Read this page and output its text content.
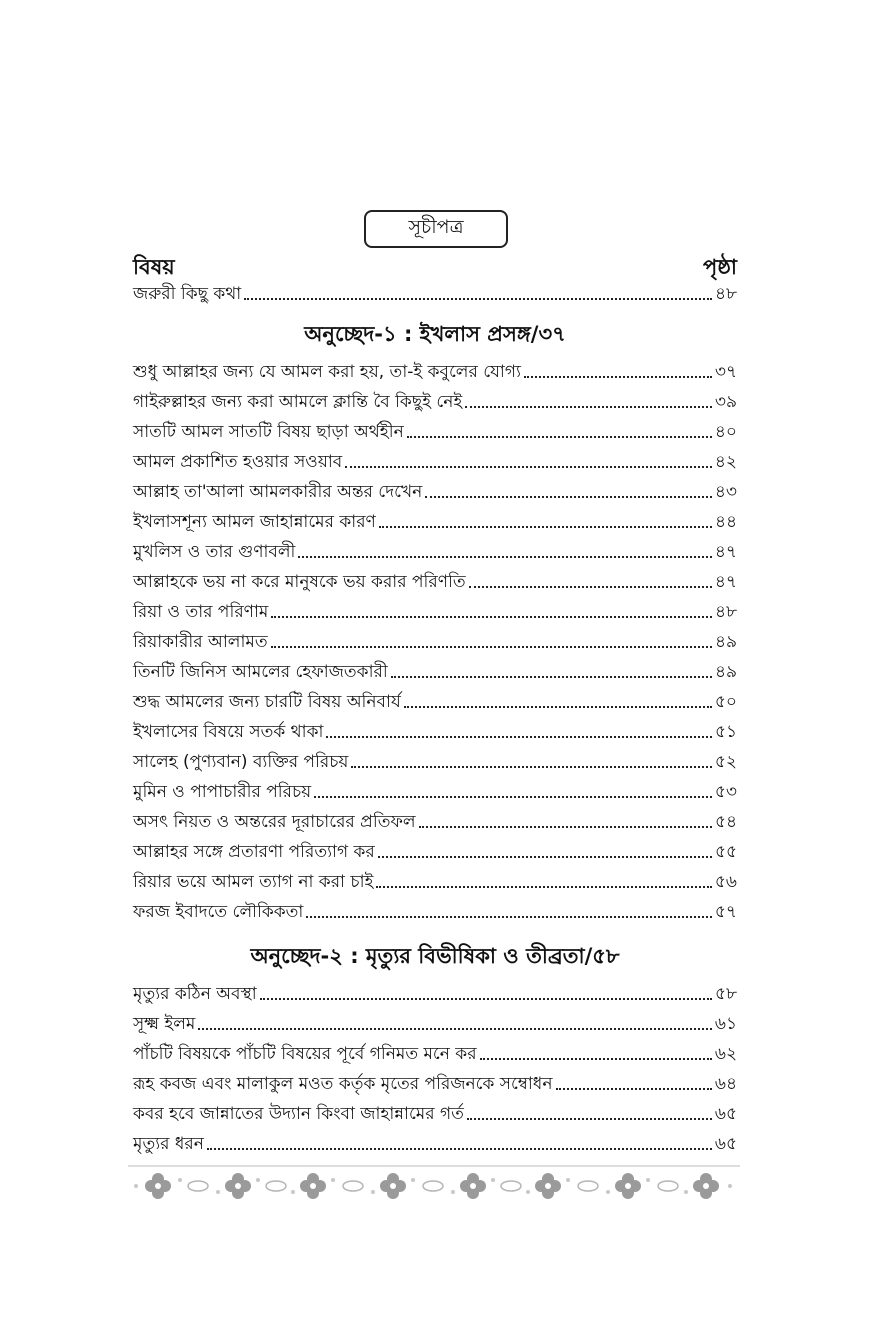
সূচীপত্র
বিষয়	পৃষ্ঠা
জরুরী কিছু কথা	৪৮
অনুচ্ছেদ-১ : ইখলাস প্রসঙ্গ/৩৭
শুধু আল্লাহর জন্য যে আমল করা হয়, তা-ই কবুলের যোগ্য	৩৭
গাইরুল্লাহর জন্য করা আমলে ক্লান্তি বৈ কিছুই নেই	৩৯
সাতটি আমল সাতটি বিষয় ছাড়া অর্থহীন	৪০
আমল প্রকাশিত হওয়ার সওয়াব	৪২
আল্লাহ তা'আলা আমলকারীর অন্তর দেখেন	৪৩
ইখলাসশূন্য আমল জাহান্নামের কারণ	৪৪
মুখলিস ও তার গুণাবলী	৪৭
আল্লাহকে ভয় না করে মানুষকে ভয় করার পরিণতি	৪৭
রিয়া ও তার পরিণাম	৪৮
রিয়াকারীর আলামত	৪৯
তিনটি জিনিস আমলের হেফাজতকারী	৪৯
শুদ্ধ আমলের জন্য চারটি বিষয় অনিবার্য	৫০
ইখলাসের বিষয়ে সতর্ক থাকা	৫১
সালেহ (পুণ্যবান) ব্যক্তির পরিচয়	৫২
মুমিন ও পাপাচারীর পরিচয়	৫৩
অসৎ নিয়ত ও অন্তরের দূরাচারের প্রতিফল	৫৪
আল্লাহর সঙ্গে প্রতারণা পরিত্যাগ কর	৫৫
রিয়ার ভয়ে আমল ত্যাগ না করা চাই	৫৬
ফরজ ইবাদতে লৌকিকতা	৫৭
অনুচ্ছেদ-২ : মৃত্যুর বিভীষিকা ও তীব্রতা/৫৮
মৃত্যুর কঠিন অবস্থা	৫৮
সূক্ষ্ম ইলম	৬১
পাঁচটি বিষয়কে পাঁচটি বিষয়ের পূর্বে গনিমত মনে কর	৬২
রূহ কবজ এবং মালাকুল মওত কর্তৃক মৃতের পরিজনকে সম্বোধন	৬৪
কবর হবে জান্নাতের উদ্যান কিংবা জাহান্নামের গর্ত	৬৫
মৃত্যুর ধরন	৬৫
